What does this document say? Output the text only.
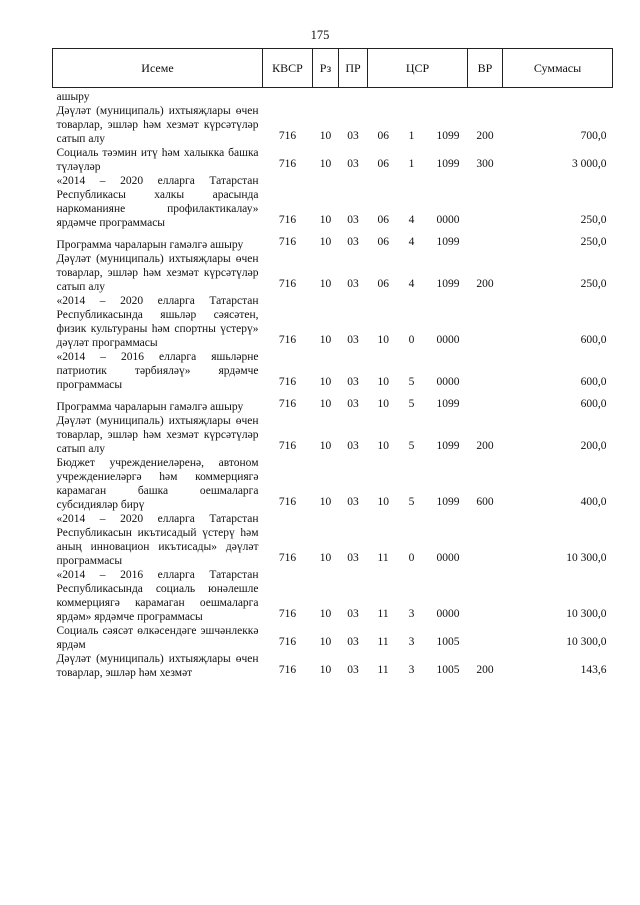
175
Исеме	КВСР	Рз	ПР	ЦСР	ВР	Суммасы
ашыру						
Дәүләт (муниципаль) ихтыяҗлары өчен товарлар, эшләр һәм хезмәт күрсәтүләр сатып алу	716	10	03	06 1 1099	200	700,0
Социаль тәэмин итү һәм халыкка башка түләүләр	716	10	03	06 1 1099	300	3 000,0
«2014 – 2020 елларга Татарстан Республикасы халкы арасында наркоманияне профилактикалау» ярдәмче программасы	716	10	03	06 4 0000		250,0
Программа чараларын гамәлгә ашыру	716	10	03	06 4 1099		250,0
Дәүләт (муниципаль) ихтыяҗлары өчен товарлар, эшләр һәм хезмәт күрсәтүләр сатып алу	716	10	03	06 4 1099	200	250,0
«2014 – 2020 елларга Татарстан Республикасында яшьләр сәясәтен, физик культураны һәм спортны үстерү» дәүләт программасы	716	10	03	10 0 0000		600,0
«2014 – 2016 елларга яшьләрне патриотик тәрбияләү» ярдәмче программасы	716	10	03	10 5 0000		600,0
Программа чараларын гамәлгә ашыру	716	10	03	10 5 1099		600,0
Дәүләт (муниципаль) ихтыяҗлары өчен товарлар, эшләр һәм хезмәт күрсәтүләр сатып алу	716	10	03	10 5 1099	200	200,0
Бюджет учреждениеләренә, автоном учреждениеләргә һәм коммерциягә карамаган башка оешмаларга субсидияләр бирү	716	10	03	10 5 1099	600	400,0
«2014 – 2020 елларга Татарстан Республикасын икътисадый үстерү һәм аның инновацион икътисады» дәүләт программасы	716	10	03	11 0 0000		10 300,0
«2014 – 2016 елларга Татарстан Республикасында социаль юнәлешле коммерциягә карамаган оешмаларга ярдәм» ярдәмче программасы	716	10	03	11 3 0000		10 300,0
Социаль сәясәт өлкәсендәге эшчәнлеккә ярдәм	716	10	03	11 3 1005		10 300,0
Дәүләт (муниципаль) ихтыяҗлары өчен товарлар, эшләр һәм хезмәт	716	10	03	11 3 1005	200	143,6
